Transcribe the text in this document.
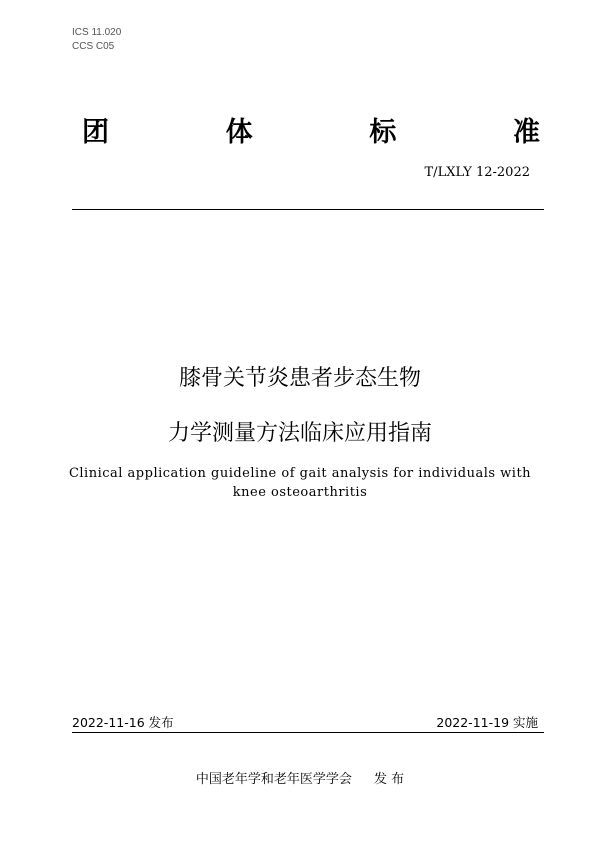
ICS 11.020
CCS C05
团	体	标	准
T/LXLY 12-2022
膝骨关节炎患者步态生物
力学测量方法临床应用指南
Clinical application guideline of gait analysis for individuals with knee osteoarthritis
2022-11-16 发布	2022-11-19 实施
中国老年学和老年医学学会 发 布
